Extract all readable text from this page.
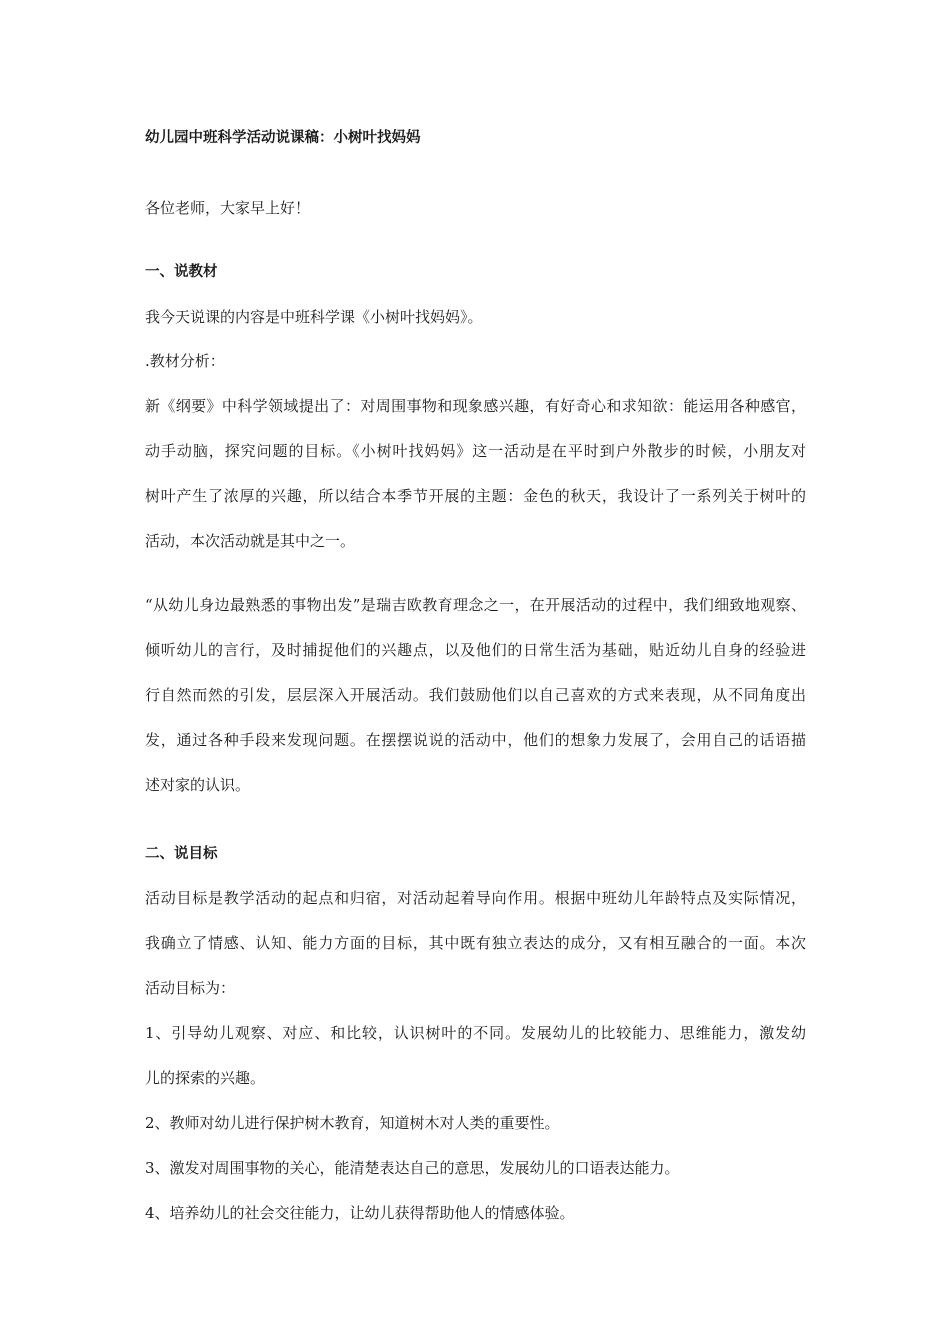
幼儿园中班科学活动说课稿：小树叶找妈妈
各位老师，大家早上好！
一、说教材
我今天说课的内容是中班科学课《小树叶找妈妈》。
.教材分析：
新《纲要》中科学领域提出了：对周围事物和现象感兴趣，有好奇心和求知欲：能运用各种感官，
动手动脑，探究问题的目标。《小树叶找妈妈》这一活动是在平时到户外散步的时候，小朋友对
树叶产生了浓厚的兴趣，所以结合本季节开展的主题：金色的秋天，我设计了一系列关于树叶的
活动，本次活动就是其中之一。
“从幼儿身边最熟悉的事物出发”是瑞吉欧教育理念之一，在开展活动的过程中，我们细致地观察、
倾听幼儿的言行，及时捕捉他们的兴趣点，以及他们的日常生活为基础，贴近幼儿自身的经验进
行自然而然的引发，层层深入开展活动。我们鼓励他们以自己喜欢的方式来表现，从不同角度出
发，通过各种手段来发现问题。在摆摆说说的活动中，他们的想象力发展了，会用自己的话语描
述对家的认识。
二、说目标
活动目标是教学活动的起点和归宿，对活动起着导向作用。根据中班幼儿年龄特点及实际情况，
我确立了情感、认知、能力方面的目标，其中既有独立表达的成分，又有相互融合的一面。本次
活动目标为：
1、引导幼儿观察、对应、和比较，认识树叶的不同。发展幼儿的比较能力、思维能力，激发幼
儿的探索的兴趣。
2、教师对幼儿进行保护树木教育，知道树木对人类的重要性。
3、激发对周围事物的关心，能清楚表达自己的意思，发展幼儿的口语表达能力。
4、培养幼儿的社会交往能力，让幼儿获得帮助他人的情感体验。
